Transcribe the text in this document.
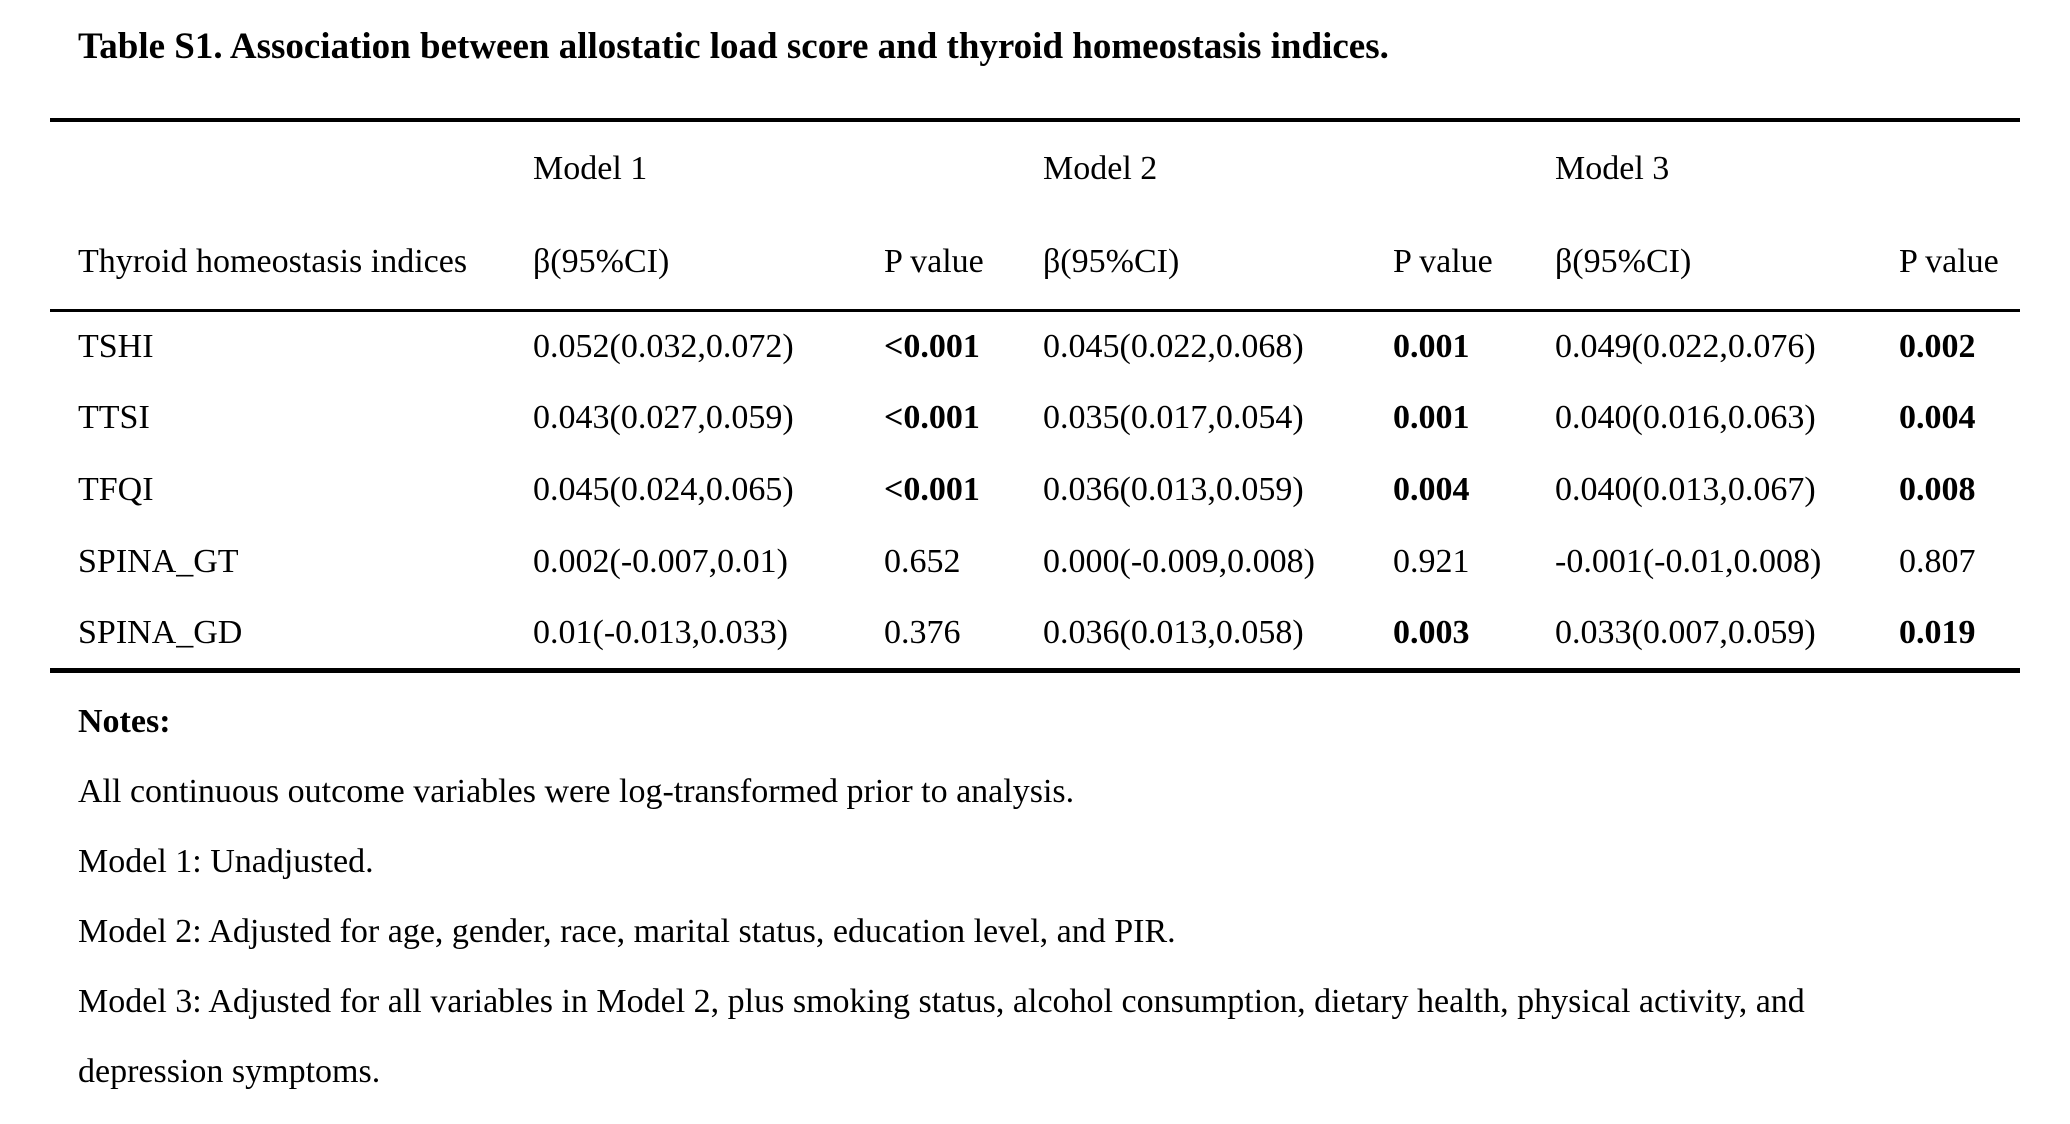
Table S1. Association between allostatic load score and thyroid homeostasis indices.
	Model 1		Model 2		Model 3	
Thyroid homeostasis indices	β(95%CI)	P value	β(95%CI)	P value	β(95%CI)	P value
TSHI	0.052(0.032,0.072)	<0.001	0.045(0.022,0.068)	0.001	0.049(0.022,0.076)	0.002
TTSI	0.043(0.027,0.059)	<0.001	0.035(0.017,0.054)	0.001	0.040(0.016,0.063)	0.004
TFQI	0.045(0.024,0.065)	<0.001	0.036(0.013,0.059)	0.004	0.040(0.013,0.067)	0.008
SPINA_GT	0.002(-0.007,0.01)	0.652	0.000(-0.009,0.008)	0.921	-0.001(-0.01,0.008)	0.807
SPINA_GD	0.01(-0.013,0.033)	0.376	0.036(0.013,0.058)	0.003	0.033(0.007,0.059)	0.019

Notes:

All continuous outcome variables were log-transformed prior to analysis.

Model 1: Unadjusted.

Model 2: Adjusted for age, gender, race, marital status, education level, and PIR.

Model 3: Adjusted for all variables in Model 2, plus smoking status, alcohol consumption, dietary health, physical activity, and depression symptoms.
